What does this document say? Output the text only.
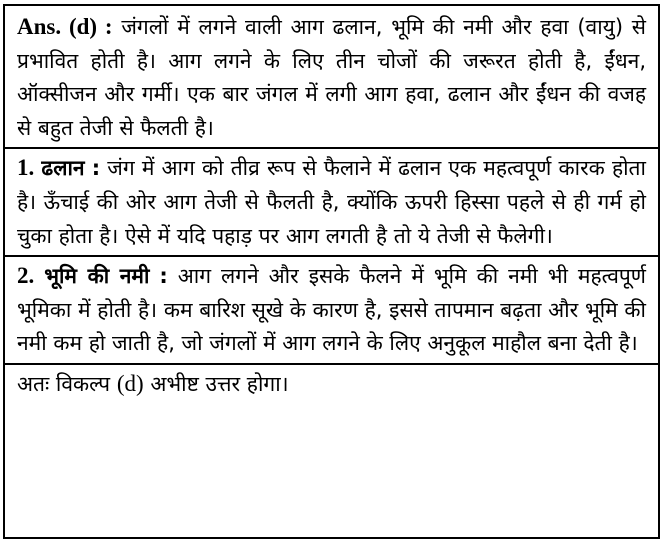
Ans. (d) : जंगलों में लगने वाली आग ढलान, भूमि की नमी और हवा (वायु) से प्रभावित होती है। आग लगने के लिए तीन चोजों की जरूरत होती है, ईंधन, ऑक्सीजन और गर्मी। एक बार जंगल में लगी आग हवा, ढलान और ईंधन की वजह से बहुत तेजी से फैलती है।

1. ढलान : जंग में आग को तीव्र रूप से फैलाने में ढलान एक महत्वपूर्ण कारक होता है। ऊँचाई की ओर आग तेजी से फैलती है, क्योंकि ऊपरी हिस्सा पहले से ही गर्म हो चुका होता है। ऐसे में यदि पहाड़ पर आग लगती है तो ये तेजी से फैलेगी।

2. भूमि की नमी : आग लगने और इसके फैलने में भूमि की नमी भी महत्वपूर्ण भूमिका में होती है। कम बारिश सूखे के कारण है, इससे तापमान बढ़ता और भूमि की नमी कम हो जाती है, जो जंगलों में आग लगने के लिए अनुकूल माहौल बना देती है।

अतः विकल्प (d) अभीष्ट उत्तर होगा।
